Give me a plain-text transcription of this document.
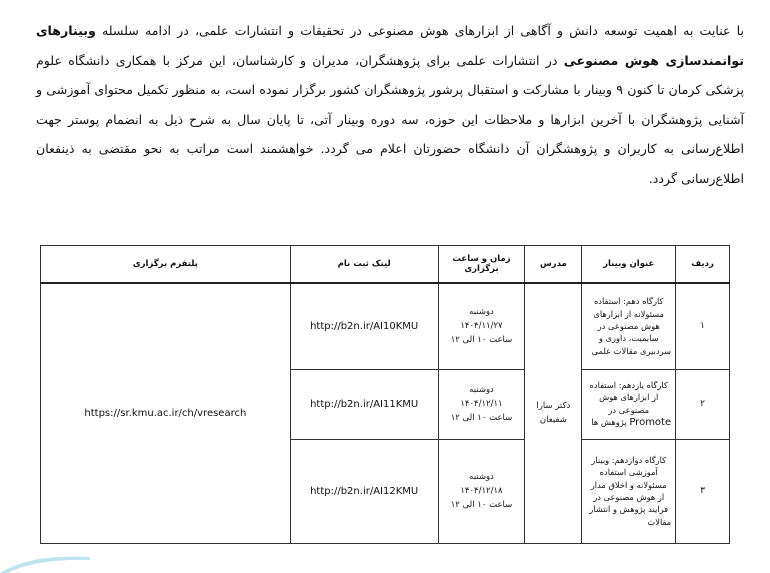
با عنایت به اهمیت توسعه دانش و آگاهی از ابزارهای هوش مصنوعی در تحقیقات و انتشارات علمی، در ادامه سلسله وبینارهای توانمندسازی هوش مصنوعی در انتشارات علمی برای پژوهشگران، مدیران و کارشناسان، این مرکز با همکاری دانشگاه علوم پزشکی کرمان تا کنون ۹ وبینار با مشارکت و استقبال پرشور پژوهشگران کشور برگزار نموده است، به منظور تکمیل محتوای آموزشی و آشنایی پژوهشگران با آخرین ابزارها و ملاحظات این حوزه، سه دوره وبینار آتی، تا پایان سال به شرح ذیل به انضمام پوستر جهت اطلاع‌رسانی به کاربران و پژوهشگران آن دانشگاه حضورتان اعلام می گردد. خواهشمند است مراتب به نحو مقتضی به ذینفعان اطلاع‌رسانی گردد.

ردیف	عنوان وبینار	مدرس	زمان و ساعت برگزاری	لینک ثبت نام	پلتفرم برگزاری
۱	کارگاه دهم: استفاده مسئولانه از ابزارهای هوش مصنوعی در سابمیت، داوری و سردبیری مقالات علمی	دکتر سارا شفیعان	دوشنبه
۱۴۰۴/۱۱/۲۷
ساعت ۱۰ الی ۱۲	http://b2n.ir/AI10KMU	https://sr.kmu.ac.ir/ch/vresearch
۲	کارگاه یازدهم: استفاده از ابزارهای هوش مصنوعی در Promote پژوهش ها		دوشنبه
۱۴۰۴/۱۲/۱۱
ساعت ۱۰ الی ۱۲	http://b2n.ir/AI11KMU	
۳	کارگاه دوازدهم: وبینار آموزشی استفاده مسئولانه و اخلاق مدار از هوش مصنوعی در فرایند پژوهش و انتشار مقالات		دوشنبه
۱۴۰۴/۱۲/۱۸
ساعت ۱۰ الی ۱۲	http://b2n.ir/AI12KMU	
